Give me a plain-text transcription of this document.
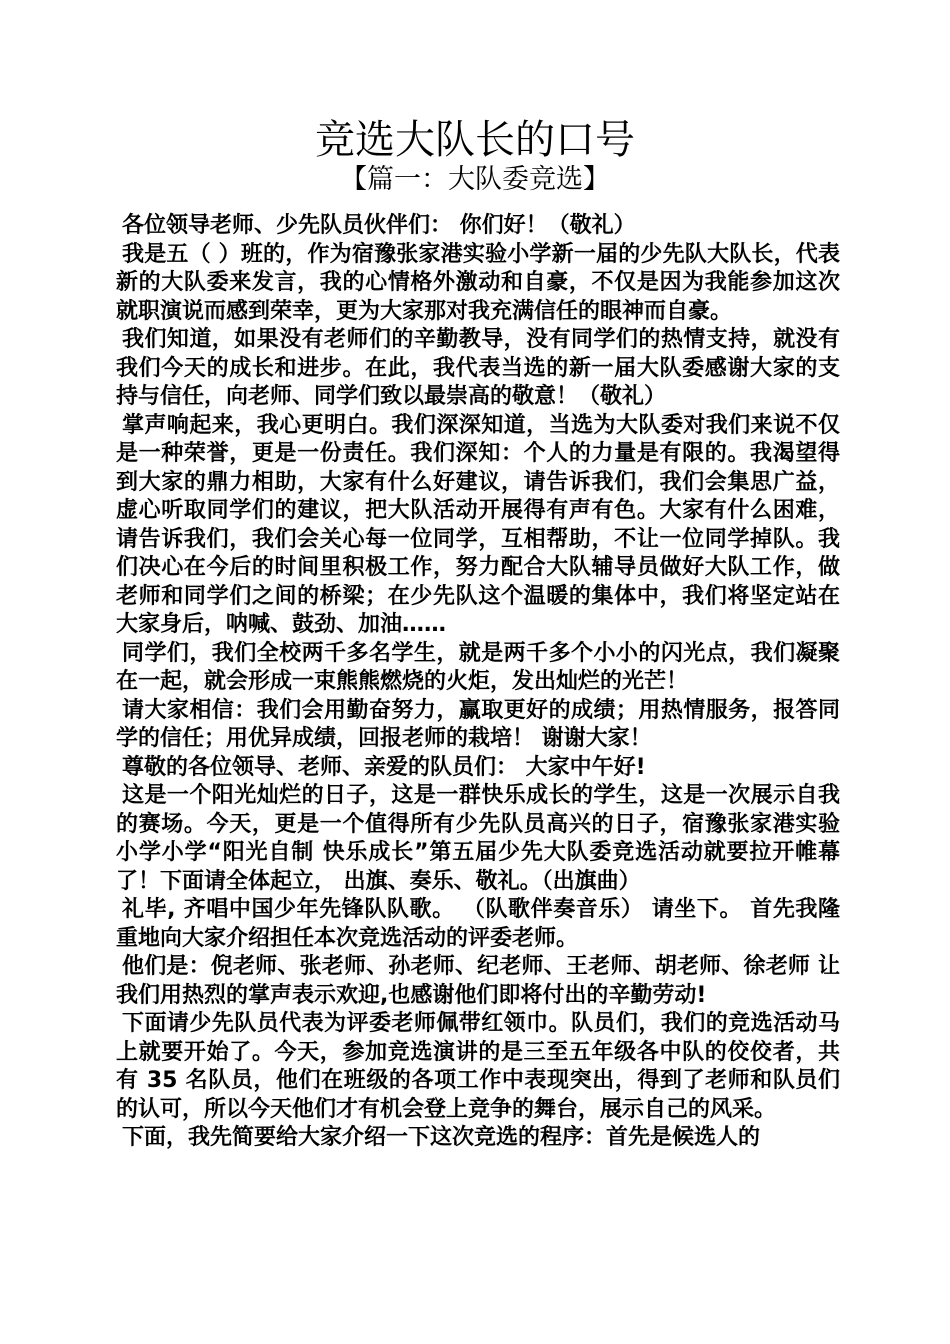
竞选大队长的口号
【篇一：大队委竞选】

各位领导老师、少先队员伙伴们： 你们好！（敬礼）

我是五（ ）班的，作为宿豫张家港实验小学新一届的少先队大队长，代表新的大队委来发言，我的心情格外激动和自豪，不仅是因为我能参加这次就职演说而感到荣幸，更为大家那对我充满信任的眼神而自豪。

我们知道，如果没有老师们的辛勤教导，没有同学们的热情支持，就没有我们今天的成长和进步。在此，我代表当选的新一届大队委感谢大家的支持与信任，向老师、同学们致以最崇高的敬意！（敬礼）

掌声响起来，我心更明白。我们深深知道，当选为大队委对我们来说不仅是一种荣誉，更是一份责任。我们深知：个人的力量是有限的。我渴望得到大家的鼎力相助，大家有什么好建议，请告诉我们，我们会集思广益，虚心听取同学们的建议，把大队活动开展得有声有色。大家有什么困难，请告诉我们，我们会关心每一位同学，互相帮助，不让一位同学掉队。我们决心在今后的时间里积极工作，努力配合大队辅导员做好大队工作，做老师和同学们之间的桥梁；在少先队这个温暖的集体中，我们将坚定站在大家身后，呐喊、鼓劲、加油……

同学们，我们全校两千多名学生，就是两千多个小小的闪光点，我们凝聚在一起，就会形成一束熊熊燃烧的火炬，发出灿烂的光芒！

请大家相信：我们会用勤奋努力，赢取更好的成绩；用热情服务，报答同学的信任；用优异成绩，回报老师的栽培！ 谢谢大家！

尊敬的各位领导、老师、亲爱的队员们： 大家中午好!

这是一个阳光灿烂的日子，这是一群快乐成长的学生，这是一次展示自我的赛场。今天，更是一个值得所有少先队员高兴的日子，宿豫张家港实验小学小学“阳光自制 快乐成长”第五届少先大队委竞选活动就要拉开帷幕了！下面请全体起立， 出旗、奏乐、敬礼。（出旗曲）

礼毕, 齐唱中国少年先锋队队歌。 （队歌伴奏音乐） 请坐下。 首先我隆重地向大家介绍担任本次竞选活动的评委老师。

他们是：倪老师、张老师、孙老师、纪老师、王老师、胡老师、徐老师 让我们用热烈的掌声表示欢迎,也感谢他们即将付出的辛勤劳动!

下面请少先队员代表为评委老师佩带红领巾。队员们，我们的竞选活动马上就要开始了。今天，参加竞选演讲的是三至五年级各中队的佼佼者，共有 35 名队员，他们在班级的各项工作中表现突出，得到了老师和队员们的认可，所以今天他们才有机会登上竞争的舞台，展示自己的风采。

下面，我先简要给大家介绍一下这次竞选的程序：首先是候选人的
